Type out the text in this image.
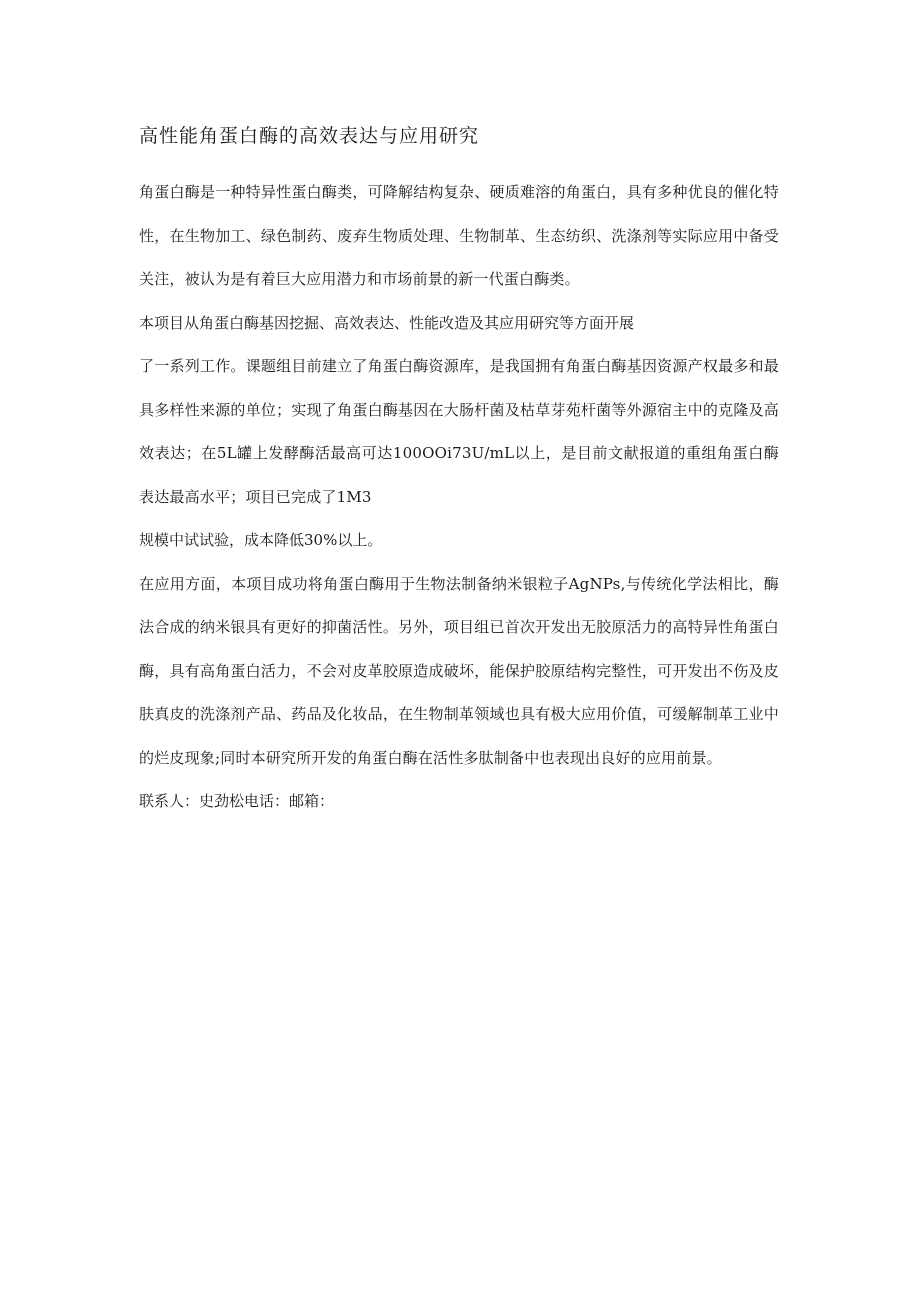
高性能角蛋白酶的高效表达与应用研究

角蛋白酶是一种特异性蛋白酶类，可降解结构复杂、硬质难溶的角蛋白，具有多种优良的催化特性，在生物加工、绿色制药、废弃生物质处理、生物制革、生态纺织、洗涤剂等实际应用中备受关注，被认为是有着巨大应用潜力和市场前景的新一代蛋白酶类。

本项目从角蛋白酶基因挖掘、高效表达、性能改造及其应用研究等方面开展

了一系列工作。课题组目前建立了角蛋白酶资源库，是我国拥有角蛋白酶基因资源产权最多和最具多样性来源的单位；实现了角蛋白酶基因在大肠杆菌及枯草芽苑杆菌等外源宿主中的克隆及高效表达；在5L罐上发酵酶活最高可达100OOi73U/mL以上，是目前文献报道的重组角蛋白酶表达最高水平；项目已完成了1M3

规模中试试验，成本降低30%以上。

在应用方面，本项目成功将角蛋白酶用于生物法制备纳米银粒子AgNPs,与传统化学法相比，酶法合成的纳米银具有更好的抑菌活性。另外，项目组已首次开发出无胶原活力的高特异性角蛋白酶，具有高角蛋白活力，不会对皮革胶原造成破坏，能保护胶原结构完整性，可开发出不伤及皮肤真皮的洗涤剂产品、药品及化妆品，在生物制革领域也具有极大应用价值，可缓解制革工业中的烂皮现象;同时本研究所开发的角蛋白酶在活性多肽制备中也表现出良好的应用前景。

联系人：史劲松电话：邮箱：
